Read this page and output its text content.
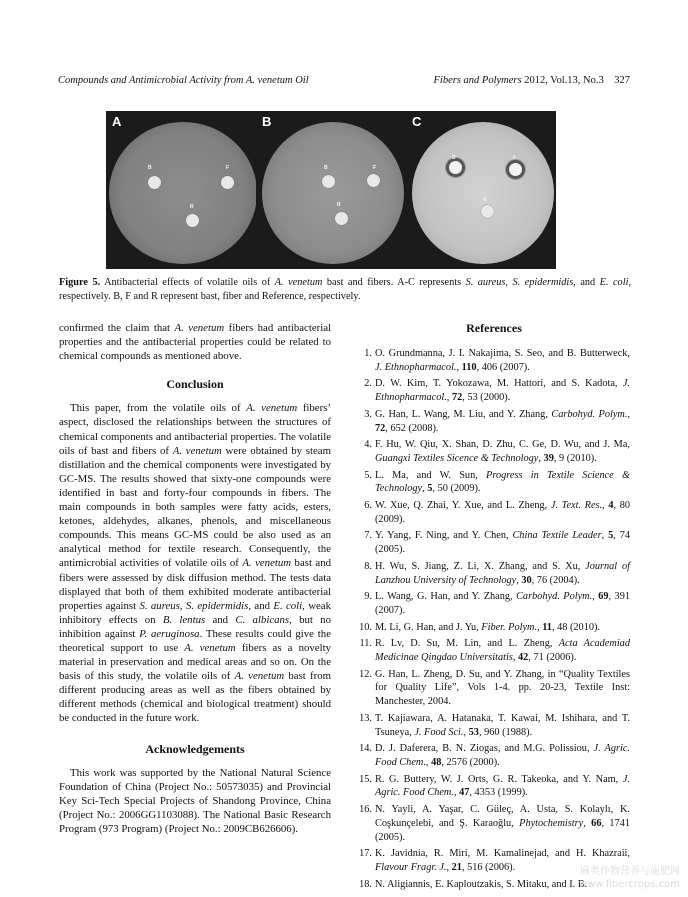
Compounds and Antimicrobial Activity from A. venetum Oil	Fibers and Polymers 2012, Vol.13, No.3 327
A
B	F
R
B
B	F
R
C
B	F
R
Figure 5. Antibacterial effects of volatile oils of A. venetum bast and fibers. A-C represents S. aureus, S. epidermidis, and E. coli, respectively. B, F and R represent bast, fiber and Reference, respectively.

confirmed the claim that A. venetum fibers had antibacterial properties and the antibacterial properties could be related to chemical compounds as mentioned above.

Conclusion

This paper, from the volatile oils of A. venetum fibers’ aspect, disclosed the relationships between the structures of chemical components and antibacterial properties. The volatile oils of bast and fibers of A. venetum were obtained by steam distillation and the chemical components were investigated by GC-MS. The results showed that sixty-one compounds were identified in bast and forty-four compounds in fibers. The main compounds in both samples were fatty acids, esters, ketones, aldehydes, alkanes, phenols, and miscellaneous compounds. This means GC-MS could be also used as an analytical method for textile research. Consequently, the antimicrobial activities of volatile oils of A. venetum bast and fibers were assessed by disk diffusion method. The tests data displayed that both of them exhibited moderate antibacterial properties against S. aureus, S. epidermidis, and E. coli, weak inhibitory effects on B. lentus and C. albicans, but no inhibition against P. aeruginosa. These results could give the theoretical support to use A. venetum fibers as a novelty material in preservation and medical areas and so on. On the basis of this study, the volatile oils of A. venetum bast from different producing areas as well as the fibers obtained by different methods (chemical and biological treatment) should be conducted in the future work.

Acknowledgements

This work was supported by the National Natural Science Foundation of China (Project No.: 50573035) and Provincial Key Sci-Tech Special Projects of Shandong Province, China (Project No.: 2006GG1103088). The National Basic Research Program (973 Program) (Project No.: 2009CB626606).

References
1. O. Grundmanna, J. I. Nakajima, S. Seo, and B. Butterweck, J. Ethnopharmacol., 110, 406 (2007).
2. D. W. Kim, T. Yokozawa, M. Hattori, and S. Kadota, J. Ethnopharmacol., 72, 53 (2000).
3. G. Han, L. Wang, M. Liu, and Y. Zhang, Carbohyd. Polym., 72, 652 (2008).
4. F. Hu, W. Qiu, X. Shan, D. Zhu, C. Ge, D. Wu, and J. Ma, Guangxi Textiles Sicence & Technology, 39, 9 (2010).
5. L. Ma, and W. Sun, Progress in Textile Science & Technology, 5, 50 (2009).
6. W. Xue, Q. Zhai, Y. Xue, and L. Zheng, J. Text. Res., 4, 80 (2009).
7. Y. Yang, F. Ning, and Y. Chen, China Textile Leader, 5, 74 (2005).
8. H. Wu, S. Jiang, Z. Li, X. Zhang, and S. Xu, Journal of Lanzhou University of Technology, 30, 76 (2004).
9. L. Wang, G. Han, and Y. Zhang, Carbohyd. Polym., 69, 391 (2007).
10. M. Li, G. Han, and J. Yu, Fiber. Polym., 11, 48 (2010).
11. R. Lv, D. Su, M. Lin, and L. Zheng, Acta Academiad Medicinae Qingdao Universitatis, 42, 71 (2006).
12. G. Han, L. Zheng, D. Su, and Y. Zhang, in “Quality Textiles for Quality Life”, Vols 1-4. pp. 20-23, Textile Inst: Manchester, 2004.
13. T. Kajiawara, A. Hatanaka, T. Kawai, M. Ishihara, and T. Tsuneya, J. Food Sci., 53, 960 (1988).
14. D. J. Daferera, B. N. Ziogas, and M.G. Polissiou, J. Agric. Food Chem., 48, 2576 (2000).
15. R. G. Buttery, W. J. Orts, G. R. Takeoka, and Y. Nam, J. Agric. Food Chem., 47, 4353 (1999).
16. N. Yayli, A. Yaşar, C. Güleç, A. Usta, S. Kolaylı, K. Coşkunçelebi, and Ş. Karaoğlu, Phytochemistry, 66, 1741 (2005).
17. K. Javidnia, R. Miri, M. Kamalinejad, and H. Khazraii, Flavour Fragr. J., 21, 516 (2006).
18. N. Aligiannis, E. Kaploutzakis, S. Mitaku, and I. B.
麻类作物营养与施肥网
www.fibercrops.com
